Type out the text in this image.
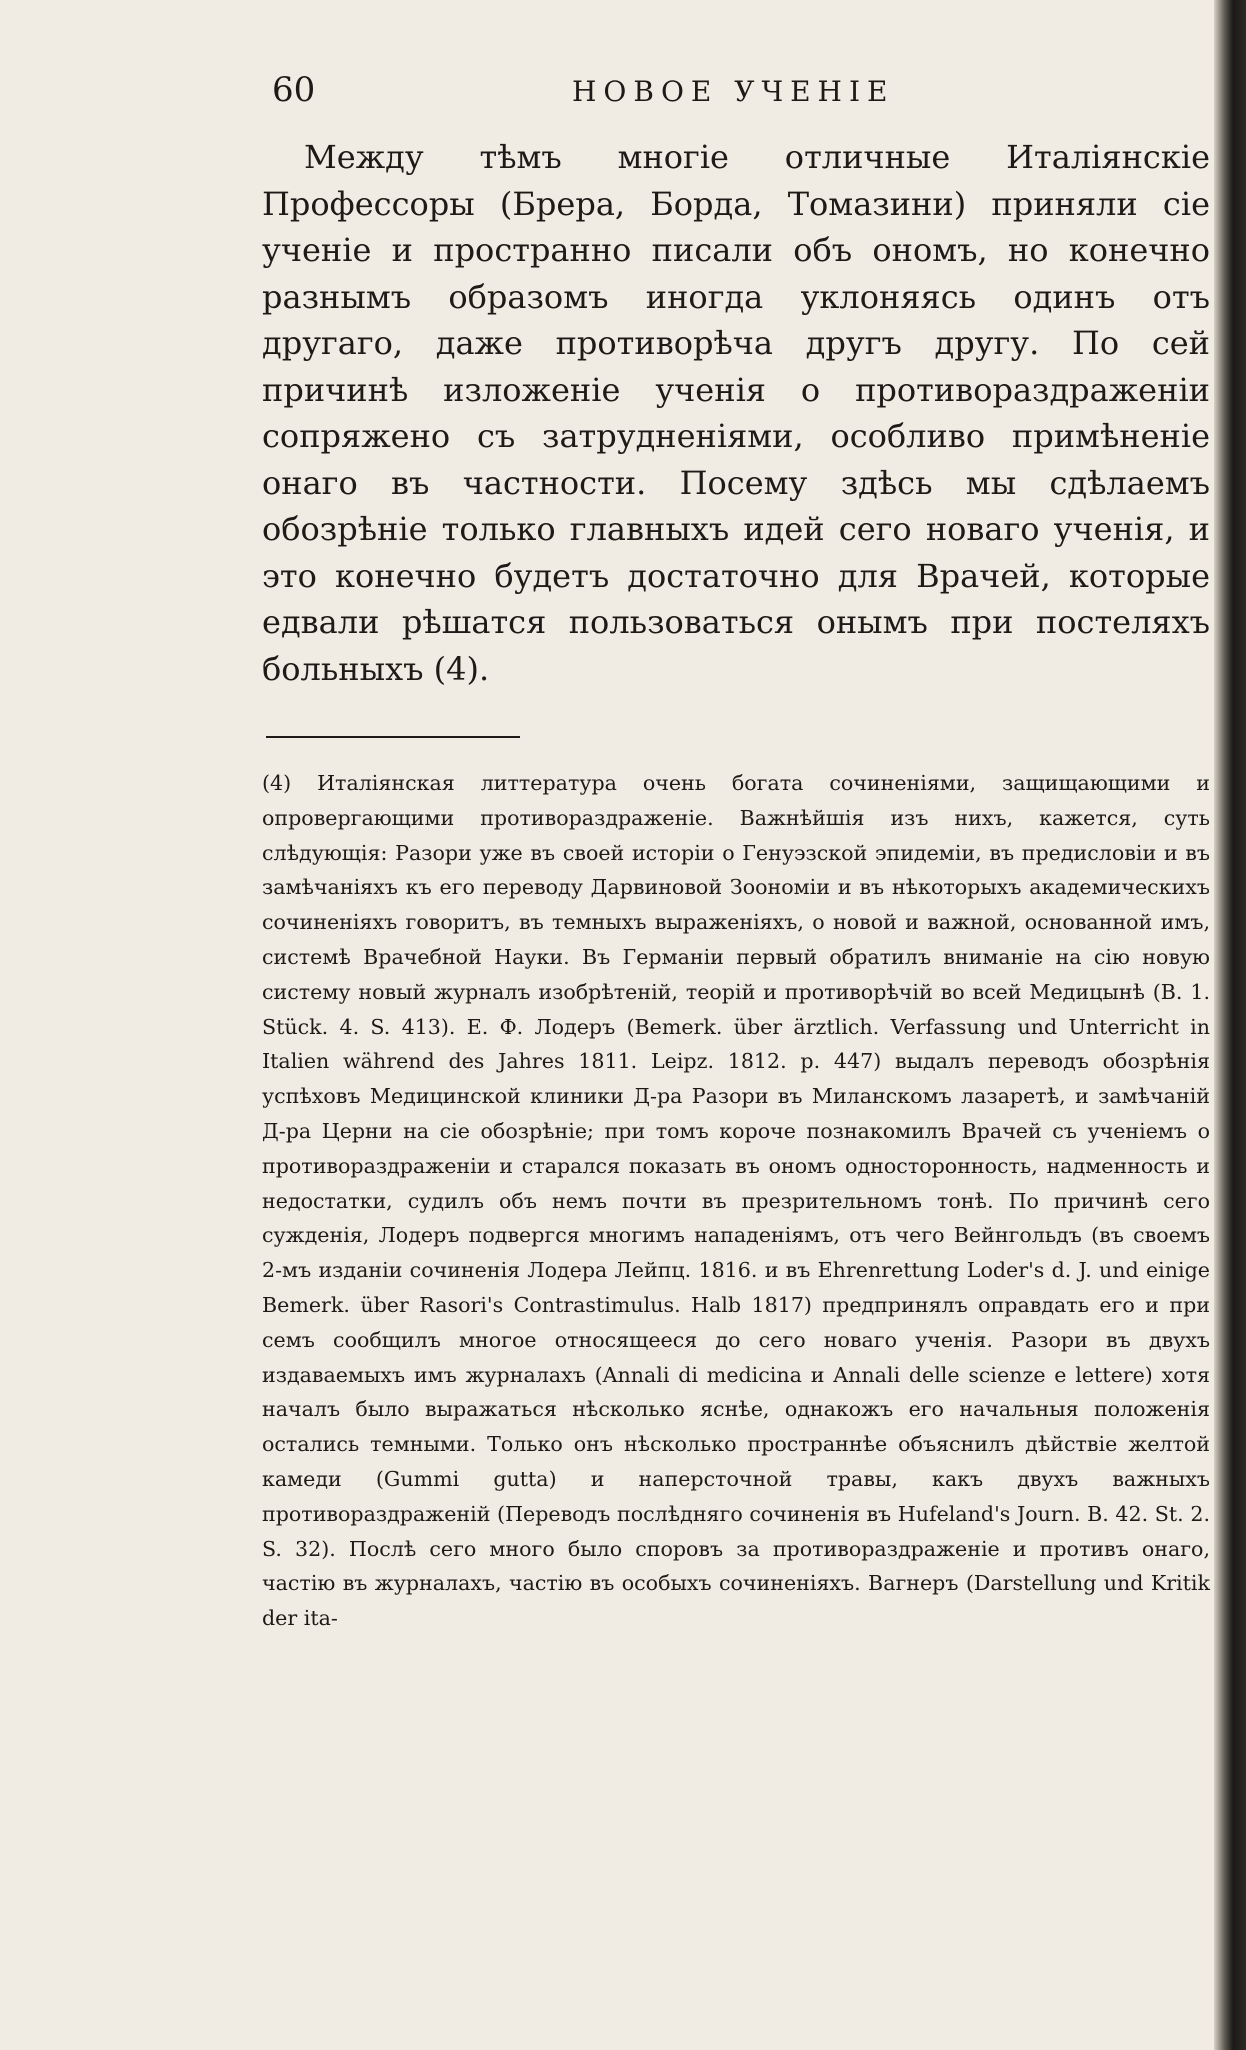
60	НОВОЕ УЧЕНІЕ
Между тѣмъ многіе отличные Италіянскіе Профессоры (Брера, Борда, Томазини) приняли сіе ученіе и пространно писали объ ономъ, но конечно разнымъ образомъ иногда уклоняясь одинъ отъ другаго, даже противорѣча другъ другу. По сей причинѣ изложеніе ученія о противораздраженіи сопряжено съ затрудненіями, особливо примѣненіе онаго въ частности. Посему здѣсь мы сдѣлаемъ обозрѣніе только главныхъ идей сего новаго ученія, и это конечно будетъ достаточно для Врачей, которые едвали рѣшатся пользоваться онымъ при постеляхъ больныхъ (4).

(4) Италіянская литтература очень богата сочиненіями, защищающими и опровергающими противораздраженіе. Важнѣйшія изъ нихъ, кажется, суть слѣдующія: Разори уже въ своей исторіи о Генуэзской эпидеміи, въ предисловіи и въ замѣчаніяхъ къ его переводу Дарвиновой Зоономіи и въ нѣкоторыхъ академическихъ сочиненіяхъ говоритъ, въ темныхъ выраженіяхъ, о новой и важной, основанной имъ, системѣ Врачебной Науки. Въ Германіи первый обратилъ вниманіе на сію новую систему новый журналъ изобрѣтеній, теорій и противорѣчій во всей Медицынѣ (B. 1. Stück. 4. S. 413). Е. Ф. Лодеръ (Bemerk. über ärztlich. Verfassung und Unterricht in Italien während des Jahres 1811. Leipz. 1812. p. 447) выдалъ переводъ обозрѣнія успѣховъ Медицинской клиники Д-ра Разори въ Миланскомъ лазаретѣ, и замѣчаній Д-ра Церни на сіе обозрѣніе; при томъ короче познакомилъ Врачей съ ученіемъ о противораздраженіи и старался показать въ ономъ односторонность, надменность и недостатки, судилъ объ немъ почти въ презрительномъ тонѣ. По причинѣ сего сужденія, Лодеръ подвергся многимъ нападеніямъ, отъ чего Вейнгольдъ (въ своемъ 2-мъ изданіи сочиненія Лодера Лейпц. 1816. и въ Ehrenrettung Loder's d. J. und einige Bemerk. über Rasori's Contrastimulus. Halb 1817) предпринялъ оправдать его и при семъ сообщилъ многое относящееся до сего новаго ученія. Разори въ двухъ издаваемыхъ имъ журналахъ (Annali di medicina и Annali delle scienze e lettere) хотя началъ было выражаться нѣсколько яснѣе, однакожъ его начальныя положенія остались темными. Только онъ нѣсколько пространнѣе объяснилъ дѣйствіе желтой камеди (Gummi gutta) и наперсточной травы, какъ двухъ важныхъ противораздраженій (Переводъ послѣдняго сочиненія въ Hufeland's Journ. B. 42. St. 2. S. 32). Послѣ сего много было споровъ за противораздраженіе и противъ онаго, частію въ журналахъ, частію въ особыхъ сочиненіяхъ. Вагнеръ (Darstellung und Kritik der ita-
